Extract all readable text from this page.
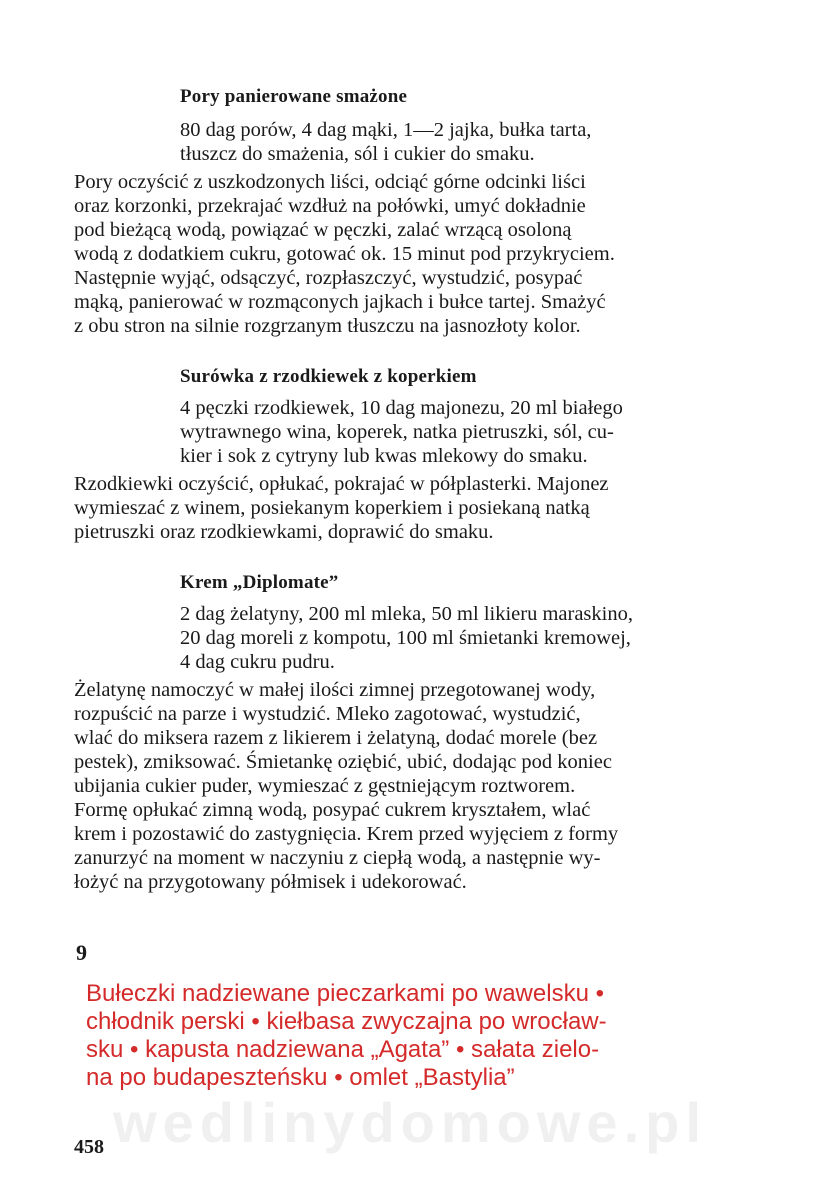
Pory panierowane smażone
80 dag porów, 4 dag mąki, 1—2 jajka, bułka tarta,
tłuszcz do smażenia, sól i cukier do smaku.
Pory oczyścić z uszkodzonych liści, odciąć górne odcinki liści
oraz korzonki, przekrajać wzdłuż na połówki, umyć dokładnie
pod bieżącą wodą, powiązać w pęczki, zalać wrzącą osoloną
wodą z dodatkiem cukru, gotować ok. 15 minut pod przykryciem.
Następnie wyjąć, odsączyć, rozpłaszczyć, wystudzić, posypać
mąką, panierować w rozmąconych jajkach i bułce tartej. Smażyć
z obu stron na silnie rozgrzanym tłuszczu na jasnozłoty kolor.
Surówka z rzodkiewek z koperkiem
4 pęczki rzodkiewek, 10 dag majonezu, 20 ml białego
wytrawnego wina, koperek, natka pietruszki, sól, cu-
kier i sok z cytryny lub kwas mlekowy do smaku.
Rzodkiewki oczyścić, opłukać, pokrajać w półplasterki. Majonez
wymieszać z winem, posiekanym koperkiem i posiekaną natką
pietruszki oraz rzodkiewkami, doprawić do smaku.
Krem „Diplomate”
2 dag żelatyny, 200 ml mleka, 50 ml likieru maraskino,
20 dag moreli z kompotu, 100 ml śmietanki kremowej,
4 dag cukru pudru.
Żelatynę namoczyć w małej ilości zimnej przegotowanej wody,
rozpuścić na parze i wystudzić. Mleko zagotować, wystudzić,
wlać do miksera razem z likierem i żelatyną, dodać morele (bez
pestek), zmiksować. Śmietankę oziębić, ubić, dodając pod koniec
ubijania cukier puder, wymieszać z gęstniejącym roztworem.
Formę opłukać zimną wodą, posypać cukrem kryształem, wlać
krem i pozostawić do zastygnięcia. Krem przed wyjęciem z formy
zanurzyć na moment w naczyniu z ciepłą wodą, a następnie wy-
łożyć na przygotowany półmisek i udekorować.
9
Bułeczki nadziewane pieczarkami po wawelsku •
chłodnik perski • kiełbasa zwyczajna po wrocław-
sku • kapusta nadziewana „Agata” • sałata zielo-
na po budapeszteńsku • omlet „Bastylia”
wedlinydomowe.pl
458
